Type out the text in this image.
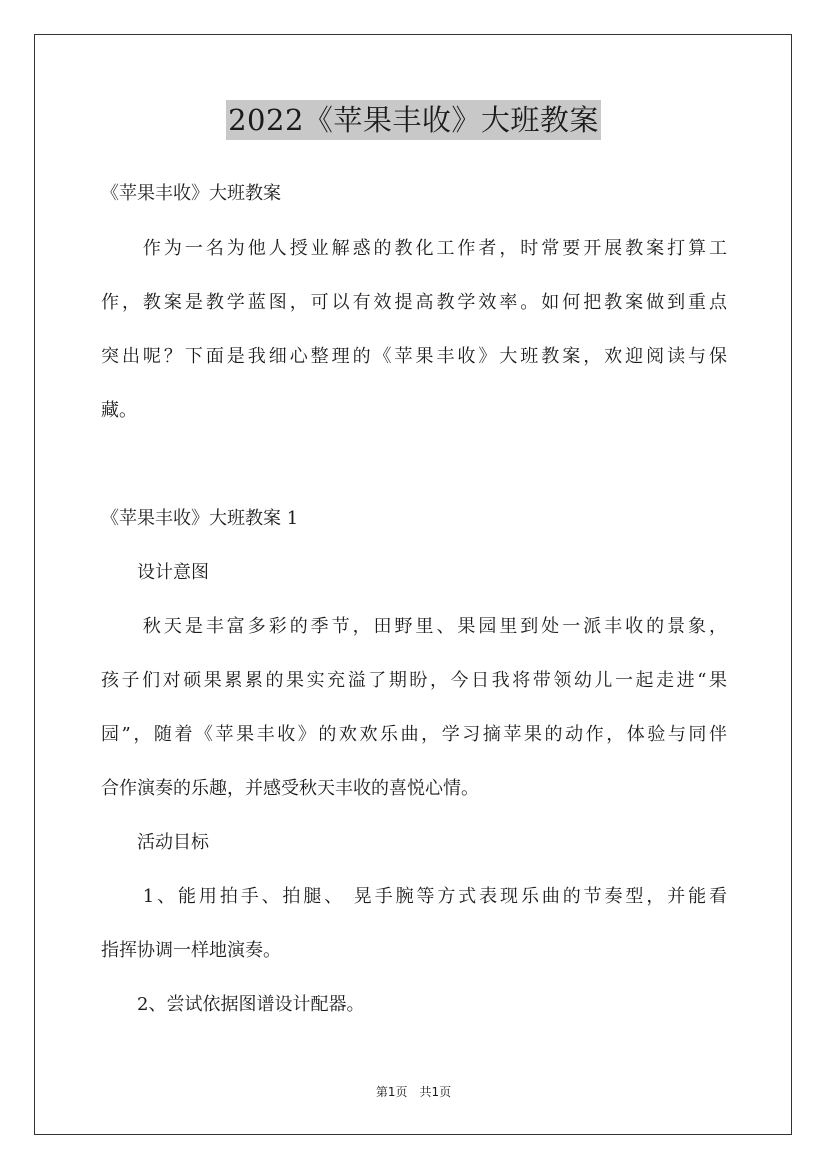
2022《苹果丰收》大班教案
《苹果丰收》大班教案
　　作为一名为他人授业解惑的教化工作者，时常要开展教案打算工
作，教案是教学蓝图，可以有效提高教学效率。如何把教案做到重点
突出呢？下面是我细心整理的《苹果丰收》大班教案，欢迎阅读与保
藏。
《苹果丰收》大班教案 1
　　设计意图
　　秋天是丰富多彩的季节，田野里、果园里到处一派丰收的景象，
孩子们对硕果累累的果实充溢了期盼，今日我将带领幼儿一起走进“果
园”，随着《苹果丰收》的欢欢乐曲，学习摘苹果的动作，体验与同伴
合作演奏的乐趣，并感受秋天丰收的喜悦心情。
　　活动目标
　　1、能用拍手、拍腿、 晃手腕等方式表现乐曲的节奏型，并能看
指挥协调一样地演奏。
　　2、尝试依据图谱设计配器。
第1页　共1页
